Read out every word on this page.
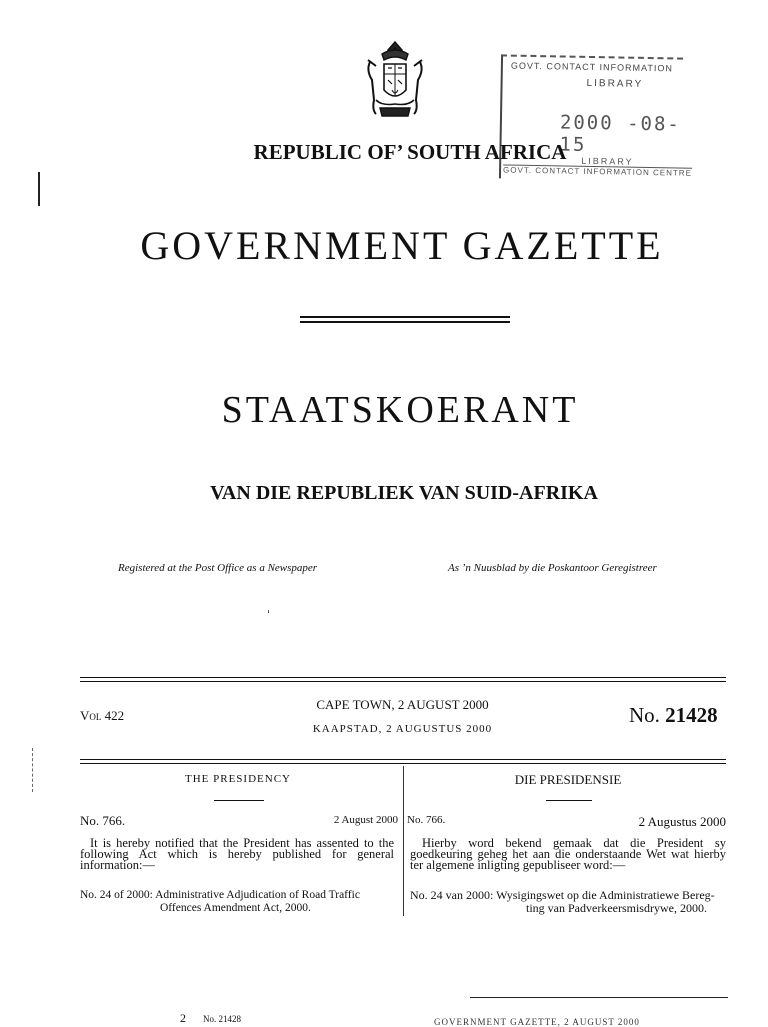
GOVT. CONTACT INFORMATION
LIBRARY
2000 -08- 15
LIBRARY
GOVT. CONTACT INFORMATION CENTRE
REPUBLIC OF’ SOUTH AFRICA
GOVERNMENT GAZETTE
STAATSKOERANT
VAN DIE REPUBLIEK VAN SUID-AFRIKA
Registered at the Post Office as a Newspaper	As ’n Nuusblad by die Poskantoor Geregistreer
Vol 422
CAPE TOWN, 2 AUGUST 2000
KAAPSTAD, 2 AUGUSTUS 2000
No. 21428
THE PRESIDENCY
No. 766.	2 August 2000
It is hereby notified that the President has assented to the following Act which is hereby published for general information:—
No. 24 of 2000: Administrative Adjudication of Road Traffic
Offences Amendment Act, 2000.
DIE PRESIDENSIE
No. 766.	2 Augustus 2000
Hierby word bekend gemaak dat die President sy goedkeuring geheg het aan die onderstaande Wet wat hierby ter algemene inligting gepubliseer word:—
No. 24 van 2000: Wysigingswet op die Administratiewe Bereg-
ting van Padverkeersmisdrywe, 2000.
2 No. 21428	GOVERNMENT GAZETTE, 2 AUGUST 2000
